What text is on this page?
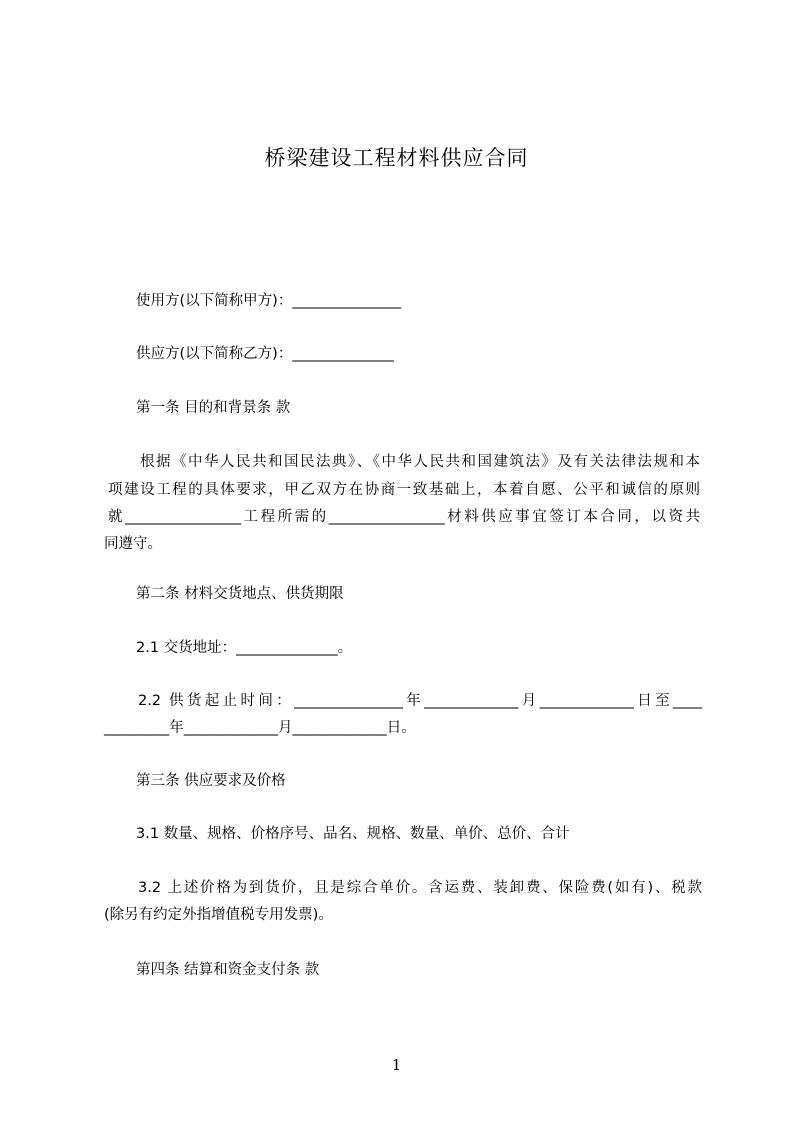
桥梁建设工程材料供应合同
使用方(以下简称甲方)：_______________
供应方(以下简称乙方)：______________
第一条 目的和背景条 款
根据《中华人民共和国民法典》、《中华人民共和国建筑法》及有关法律法规和本
项建设工程的具体要求，甲乙双方在协商一致基础上，本着自愿、公平和诚信的原则
就________________工程所需的________________材料供应事宜签订本合同，以资共
同遵守。
第二条 材料交货地点、供货期限
2.1 交货地址：______________。
2.2 供货起止时间：_______________年_____________月_____________日至____
_________年_____________月_____________日。
第三条 供应要求及价格
3.1 数量、规格、价格序号、品名、规格、数量、单价、总价、合计
3.2 上述价格为到货价，且是综合单价。含运费、装卸费、保险费(如有)、税款
(除另有约定外指增值税专用发票)。
第四条 结算和资金支付条 款
1
